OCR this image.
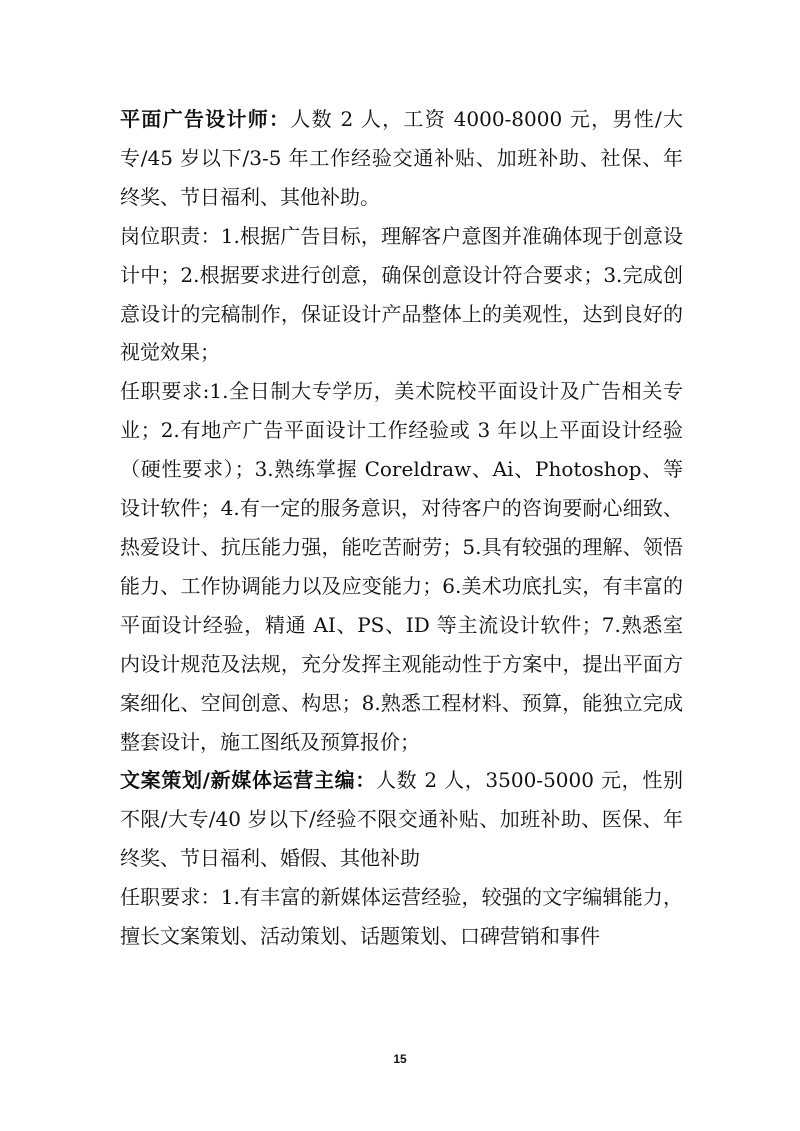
平面广告设计师：人数 2 人，工资 4000-8000 元，男性/大专/45 岁以下/3-5 年工作经验交通补贴、加班补助、社保、年终奖、节日福利、其他补助。

岗位职责：1.根据广告目标，理解客户意图并准确体现于创意设计中；2.根据要求进行创意，确保创意设计符合要求；3.完成创意设计的完稿制作，保证设计产品整体上的美观性，达到良好的视觉效果；

任职要求:1.全日制大专学历，美术院校平面设计及广告相关专业；2.有地产广告平面设计工作经验或 3 年以上平面设计经验（硬性要求）；3.熟练掌握 Coreldraw、Ai、Photoshop、等设计软件；4.有一定的服务意识，对待客户的咨询要耐心细致、热爱设计、抗压能力强，能吃苦耐劳；5.具有较强的理解、领悟能力、工作协调能力以及应变能力；6.美术功底扎实，有丰富的平面设计经验，精通 AI、PS、ID 等主流设计软件；7.熟悉室内设计规范及法规，充分发挥主观能动性于方案中，提出平面方案细化、空间创意、构思；8.熟悉工程材料、预算，能独立完成整套设计，施工图纸及预算报价；

文案策划/新媒体运营主编：人数 2 人，3500-5000 元，性别不限/大专/40 岁以下/经验不限交通补贴、加班补助、医保、年终奖、节日福利、婚假、其他补助

任职要求：1.有丰富的新媒体运营经验，较强的文字编辑能力，擅长文案策划、活动策划、话题策划、口碑营销和事件

15
